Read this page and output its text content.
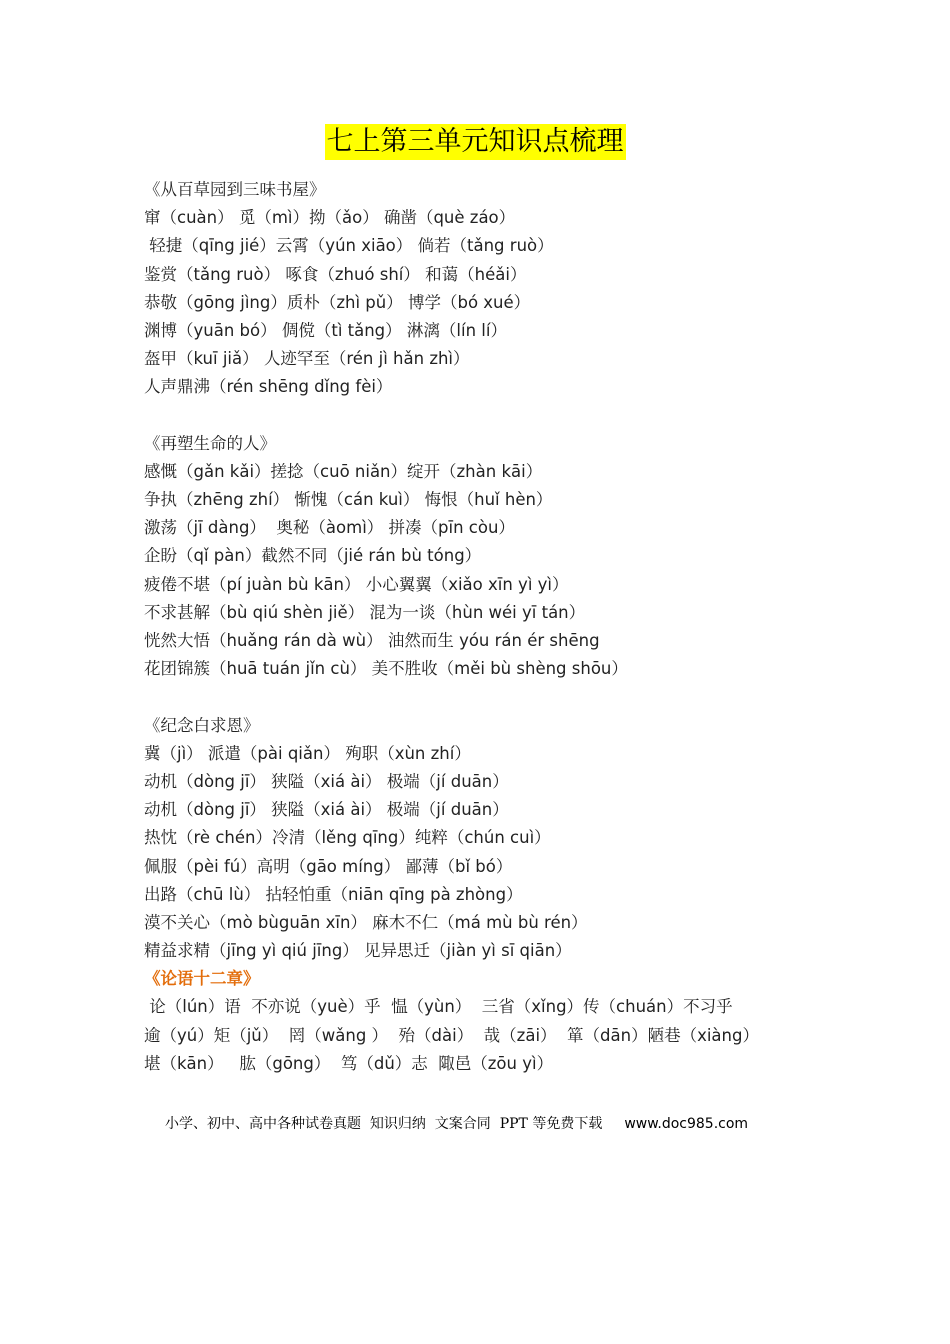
七上第三单元知识点梳理
《从百草园到三味书屋》
窜（cuàn） 觅（mì）拗（ǎo） 确凿（què záo）
轻捷（qīng jié）云霄（yún xiāo） 倘若（tǎng ruò）
鉴赏（tǎng ruò） 啄食（zhuó shí） 和蔼（héǎi）
恭敬（gōng jìng）质朴（zhì pǔ） 博学（bó xué）
渊博（yuān bó） 倜傥（tì tǎng） 淋漓（lín lí）
盔甲（kuī jiǎ） 人迹罕至（rén jì hǎn zhì）
人声鼎沸（rén shēng dǐng fèi）
《再塑生命的人》
感慨（gǎn kǎi）搓捻（cuō niǎn）绽开（zhàn kāi）
争执（zhēng zhí） 惭愧（cán kuì） 悔恨（huǐ hèn）
激荡（jī dàng）  奥秘（àomì） 拼凑（pīn còu）
企盼（qǐ pàn）截然不同（jié rán bù tóng）
疲倦不堪（pí juàn bù kān） 小心翼翼（xiǎo xīn yì yì）
不求甚解（bù qiú shèn jiě） 混为一谈（hùn wéi yī tán）
恍然大悟（huǎng rán dà wù） 油然而生 yóu rán ér shēng
花团锦簇（huā tuán jǐn cù） 美不胜收（měi bù shèng shōu）
《纪念白求恩》
冀（jì） 派遣（pài qiǎn） 殉职（xùn zhí）
动机（dòng jī） 狭隘（xiá ài） 极端（jí duān）
动机（dòng jī） 狭隘（xiá ài） 极端（jí duān）
热忱（rè chén）冷清（lěng qīng）纯粹（chún cuì）
佩服（pèi fú）高明（gāo míng） 鄙薄（bǐ bó）
出路（chū lù） 拈轻怕重（niān qīng pà zhòng）
漠不关心（mò bùguān xīn） 麻木不仁（má mù bù rén）
精益求精（jīng yì qiú jīng） 见异思迁（jiàn yì sī qiān）
《论语十二章》
论（lún）语  不亦说（yuè）乎  愠（yùn）  三省（xǐng）传（chuán）不习乎
逾（yú）矩（jǔ）  罔（wǎng ）  殆（dài）  哉（zāi）  箪（dān）陋巷（xiàng）
堪（kān）   肱（gōng）  笃（dǔ）志  陬邑（zōu yì）
小学、初中、高中各种试卷真题  知识归纳  文案合同  PPT 等免费下载 www.doc985.com
